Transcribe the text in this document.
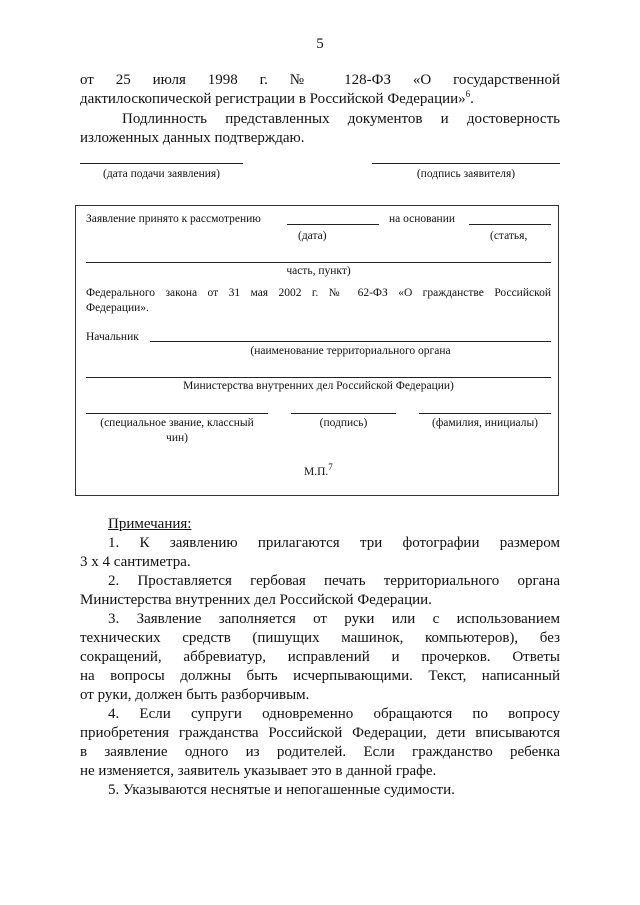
5
от 25 июля 1998 г. № 128-ФЗ «О государственной
дактилоскопической регистрации в Российской Федерации»$^6$.
Подлинность представленных документов и достоверность
изложенных данных подтверждаю.
(дата подачи заявления)	(подпись заявителя)
Заявление принято к рассмотрению	на основании
(дата)	(статья,
часть, пункт)
Федерального закона от 31 мая 2002 г. № 62-ФЗ «О гражданстве Российской
Федерации».
Начальник
(наименование территориального органа
Министерства внутренних дел Российской Федерации)
(специальное звание, классный
чин)
(подпись)	(фамилия, инициалы)
М.П.$^7$
Примечания:
1. К заявлению прилагаются три фотографии размером
3 х 4 сантиметра.
2. Проставляется гербовая печать территориального органа
Министерства внутренних дел Российской Федерации.
3. Заявление заполняется от руки или с использованием
технических средств (пишущих машинок, компьютеров), без
сокращений, аббревиатур, исправлений и прочерков. Ответы
на вопросы должны быть исчерпывающими. Текст, написанный
от руки, должен быть разборчивым.
4. Если супруги одновременно обращаются по вопросу
приобретения гражданства Российской Федерации, дети вписываются
в заявление одного из родителей. Если гражданство ребенка
не изменяется, заявитель указывает это в данной графе.
5. Указываются неснятые и непогашенные судимости.
